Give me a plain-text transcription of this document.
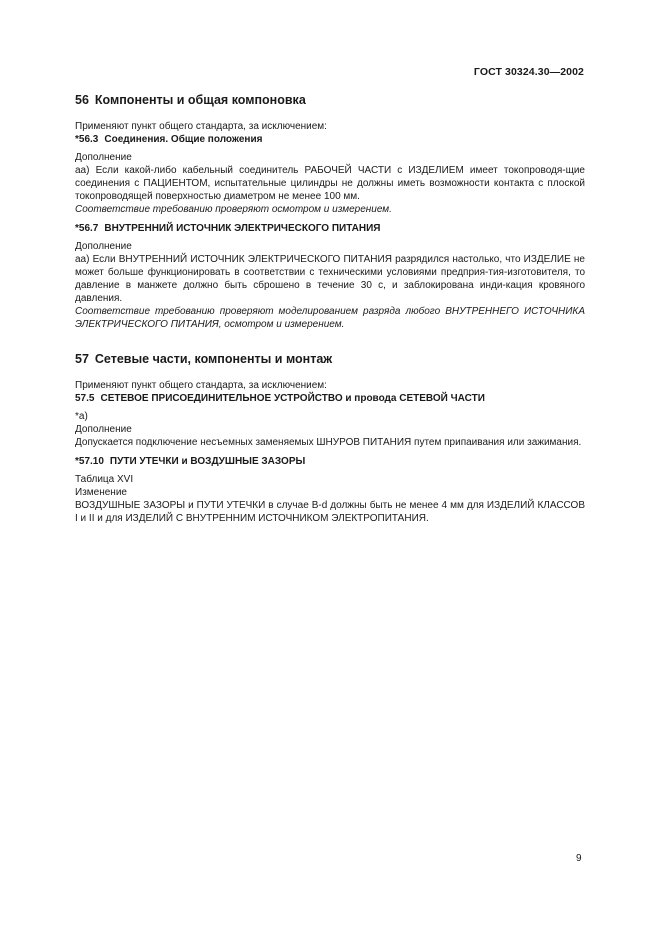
ГОСТ 30324.30—2002
56 Компоненты и общая компоновка

Применяют пункт общего стандарта, за исключением:

*56.3 Соединения. Общие положения

Дополнение

аа) Если какой-либо кабельный соединитель РАБОЧЕЙ ЧАСТИ с ИЗДЕЛИЕМ имеет токопроводя-щие соединения с ПАЦИЕНТОМ, испытательные цилиндры не должны иметь возможности контакта с плоской токопроводящей поверхностью диаметром не менее 100 мм.

Соответствие требованию проверяют осмотром и измерением.

*56.7 ВНУТРЕННИЙ ИСТОЧНИК ЭЛЕКТРИЧЕСКОГО ПИТАНИЯ

Дополнение

аа) Если ВНУТРЕННИЙ ИСТОЧНИК ЭЛЕКТРИЧЕСКОГО ПИТАНИЯ разрядился настолько, что ИЗДЕЛИЕ не может больше функционировать в соответствии с техническими условиями предприя-тия-изготовителя, то давление в манжете должно быть сброшено в течение 30 с, и заблокирована инди-кация кровяного давления.

Соответствие требованию проверяют моделированием разряда любого ВНУТРЕННЕГО ИСТОЧНИКА ЭЛЕКТРИЧЕСКОГО ПИТАНИЯ, осмотром и измерением.

57 Сетевые части, компоненты и монтаж

Применяют пункт общего стандарта, за исключением:

57.5 СЕТЕВОЕ ПРИСОЕДИНИТЕЛЬНОЕ УСТРОЙСТВО и провода СЕТЕВОЙ ЧАСТИ

*а)

Дополнение

Допускается подключение несъемных заменяемых ШНУРОВ ПИТАНИЯ путем припаивания или зажимания.

*57.10 ПУТИ УТЕЧКИ и ВОЗДУШНЫЕ ЗАЗОРЫ

Таблица XVI

Изменение

ВОЗДУШНЫЕ ЗАЗОРЫ и ПУТИ УТЕЧКИ в случае В-d должны быть не менее 4 мм для ИЗДЕЛИЙ КЛАССОВ I и II и для ИЗДЕЛИЙ С ВНУТРЕННИМ ИСТОЧНИКОМ ЭЛЕКТРОПИТАНИЯ.

9
